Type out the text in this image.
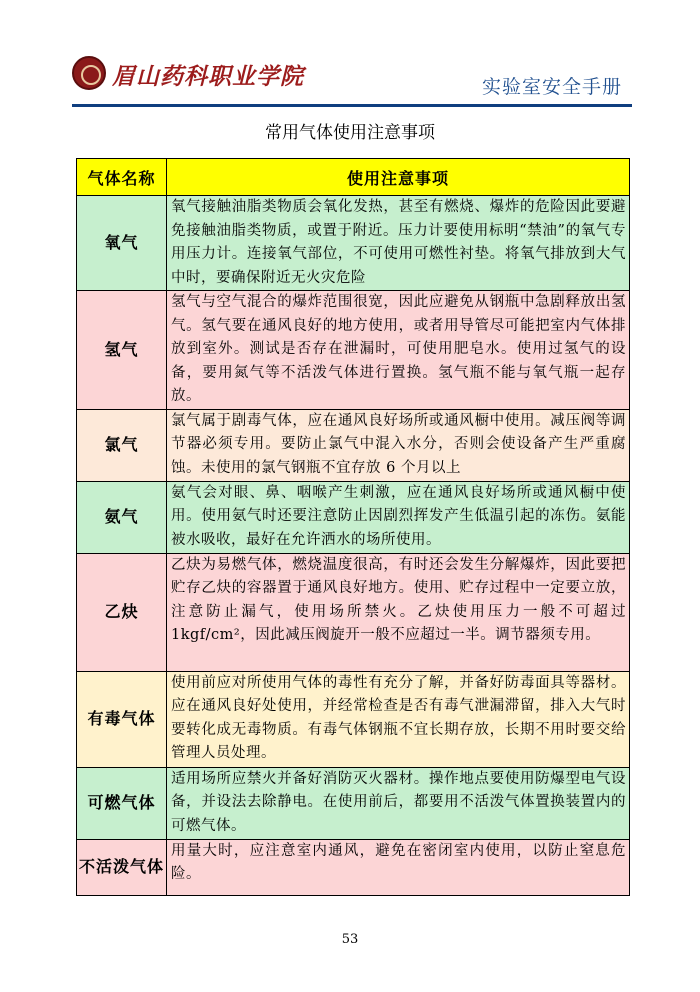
眉山药科职业学院	实验室安全手册
常用气体使用注意事项
气体名称	使用注意事项
氧气	氧气接触油脂类物质会氧化发热，甚至有燃烧、爆炸的危险因此要避免接触油脂类物质，或置于附近。压力计要使用标明“禁油”的氧气专用压力计。连接氧气部位，不可使用可燃性衬垫。将氧气排放到大气中时，要确保附近无火灾危险
氢气	氢气与空气混合的爆炸范围很宽，因此应避免从钢瓶中急剧释放出氢气。氢气要在通风良好的地方使用，或者用导管尽可能把室内气体排放到室外。测试是否存在泄漏时，可使用肥皂水。使用过氢气的设备，要用氮气等不活泼气体进行置换。氢气瓶不能与氧气瓶一起存放。
氯气	氯气属于剧毒气体，应在通风良好场所或通风橱中使用。减压阀等调节器必须专用。要防止氯气中混入水分，否则会使设备产生严重腐蚀。未使用的氯气钢瓶不宜存放 6 个月以上
氨气	氨气会对眼、鼻、咽喉产生刺激，应在通风良好场所或通风橱中使用。使用氨气时还要注意防止因剧烈挥发产生低温引起的冻伤。氨能被水吸收，最好在允许洒水的场所使用。
乙炔	乙炔为易燃气体，燃烧温度很高，有时还会发生分解爆炸，因此要把贮存乙炔的容器置于通风良好地方。使用、贮存过程中一定要立放，注意防止漏气，使用场所禁火。乙炔使用压力一般不可超过 1kgf/cm²，因此减压阀旋开一般不应超过一半。调节器须专用。
有毒气体	使用前应对所使用气体的毒性有充分了解，并备好防毒面具等器材。应在通风良好处使用，并经常检查是否有毒气泄漏滞留，排入大气时要转化成无毒物质。有毒气体钢瓶不宜长期存放，长期不用时要交给管理人员处理。
可燃气体	适用场所应禁火并备好消防灭火器材。操作地点要使用防爆型电气设备，并设法去除静电。在使用前后，都要用不活泼气体置换装置内的可燃气体。
不活泼气体	用量大时，应注意室内通风，避免在密闭室内使用，以防止窒息危险。
53
